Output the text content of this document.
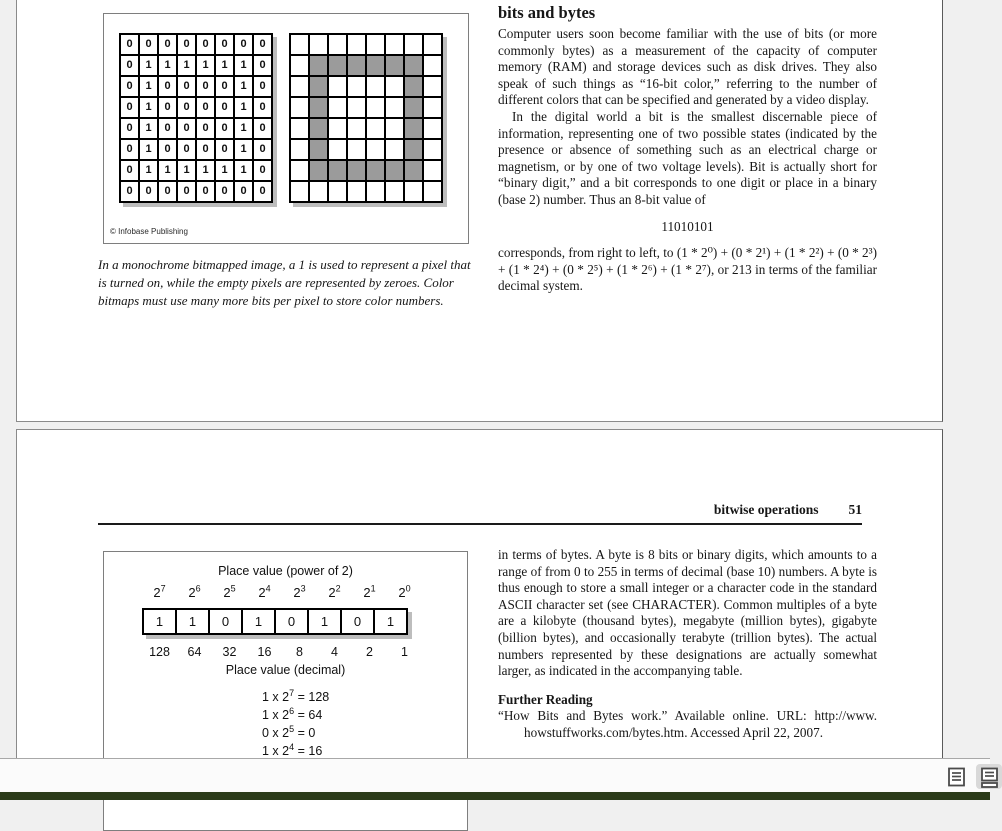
0	0	0	0	0	0	0	0
0	1	1	1	1	1	1	0
0	1	0	0	0	0	1	0
0	1	0	0	0	0	1	0
0	1	0	0	0	0	1	0
0	1	0	0	0	0	1	0
0	1	1	1	1	1	1	0
0	0	0	0	0	0	0	0
© Infobase Publishing
In a monochrome bitmapped image, a 1 is used to represent a pixel that is turned on, while the empty pixels are represented by zeroes. Color bitmaps must use many more bits per pixel to store color numbers.
bits and bytes

Computer users soon become familiar with the use of bits (or more commonly bytes) as a measurement of the capacity of computer memory (RAM) and storage devices such as disk drives. They also speak of such things as “16-bit color,” referring to the number of different colors that can be specified and generated by a video display.

In the digital world a bit is the smallest discernable piece of information, representing one of two possible states (indicated by the presence or absence of something such as an electrical charge or magnetism, or by one of two voltage levels). Bit is actually short for “binary digit,” and a bit corresponds to one digit or place in a binary (base 2) number. Thus an 8-bit value of

11010101

corresponds, from right to left, to (1 * 2⁰) + (0 * 2¹) + (1 * 2²) + (0 * 2³) + (1 * 2⁴) + (0 * 2⁵) + (1 * 2⁶) + (1 * 2⁷), or 213 in terms of the familiar decimal system.

bitwise operations 51
Place value (power of 2)
$2^7$	$2^6$	$2^5$	$2^4$	$2^3$	$2^2$	$2^1$	$2^0$
1	1	0	1	0	1	0	1
128	64	32	16	8	4	2	1
Place value (decimal)
1 x $2^7 = 128$
1 x $2^6 = 64$
0 x $2^5 = 0$
1 x $2^4 = 16$

in terms of bytes. A byte is 8 bits or binary digits, which amounts to a range of from 0 to 255 in terms of decimal (base 10) numbers. A byte is thus enough to store a small integer or a character code in the standard ASCII character set (see CHARACTER). Common multiples of a byte are a kilobyte (thousand bytes), megabyte (million bytes), gigabyte (billion bytes), and occasionally terabyte (trillion bytes). The actual numbers represented by these designations are actually somewhat larger, as indicated in the accompanying table.

Further Reading

“How Bits and Bytes work.” Available online. URL: http://www. howstuffworks.com/bytes.htm. Accessed April 22, 2007.
